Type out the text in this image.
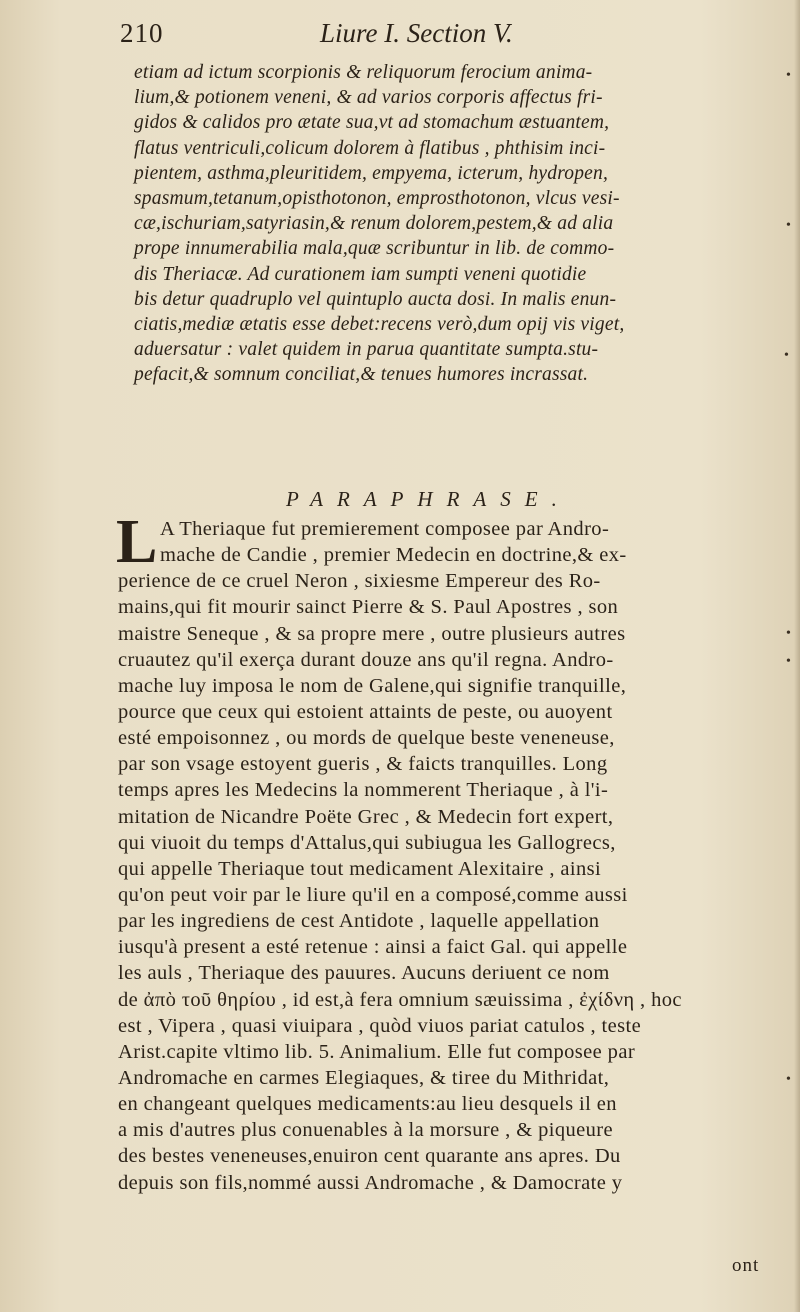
210	Liure I. Section V.
etiam ad ictum scorpionis & reliquorum ferocium anima-
lium,& potionem veneni, & ad varios corporis affectus fri-
gidos & calidos pro ætate sua,vt ad stomachum æstuantem,
flatus ventriculi,colicum dolorem à flatibus , phthisim inci-
pientem, asthma,pleuritidem, empyema, icterum, hydropen,
spasmum,tetanum,opisthotonon, emprosthotonon, vlcus vesi-
cæ,ischuriam,satyriasin,& renum dolorem,pestem,& ad alia
prope innumerabilia mala,quæ scribuntur in lib. de commo-
dis Theriacæ. Ad curationem iam sumpti veneni quotidie
bis detur quadruplo vel quintuplo aucta dosi. In malis enun-
ciatis,mediæ ætatis esse debet:recens verò,dum opij vis viget,
aduersatur : valet quidem in parua quantitate sumpta.stu-
pefacit,& somnum conciliat,& tenues humores incrassat.
PARAPHRASE.
L A Theriaque fut premierement composee par Andro-
mache de Candie , premier Medecin en doctrine,& ex-
perience de ce cruel Neron , sixiesme Empereur des Ro-
mains,qui fit mourir sainct Pierre & S. Paul Apostres , son
maistre Seneque , & sa propre mere , outre plusieurs autres
cruautez qu'il exerça durant douze ans qu'il regna. Andro-
mache luy imposa le nom de Galene,qui signifie tranquille,
pource que ceux qui estoient attaints de peste, ou auoyent
esté empoisonnez , ou mords de quelque beste veneneuse,
par son vsage estoyent gueris , & faicts tranquilles. Long
temps apres les Medecins la nommerent Theriaque , à l'i-
mitation de Nicandre Poëte Grec , & Medecin fort expert,
qui viuoit du temps d'Attalus,qui subiugua les Gallogrecs,
qui appelle Theriaque tout medicament Alexitaire , ainsi
qu'on peut voir par le liure qu'il en a composé,comme aussi
par les ingrediens de cest Antidote , laquelle appellation
iusqu'à present a esté retenue : ainsi a faict Gal. qui appelle
les auls , Theriaque des pauures. Aucuns deriuent ce nom
de ἀπὸ τοῦ θηρίου , id est,à fera omnium sæuissima , ἐχίδνη , hoc
est , Vipera , quasi viuipara , quòd viuos pariat catulos , teste
Arist.capite vltimo lib. 5. Animalium. Elle fut composee par
Andromache en carmes Elegiaques, & tiree du Mithridat,
en changeant quelques medicaments:au lieu desquels il en
a mis d'autres plus conuenables à la morsure , & piqueure
des bestes veneneuses,enuiron cent quarante ans apres. Du
depuis son fils,nommé aussi Andromache , & Damocrate y
ont
•
•
•
•
•
•
